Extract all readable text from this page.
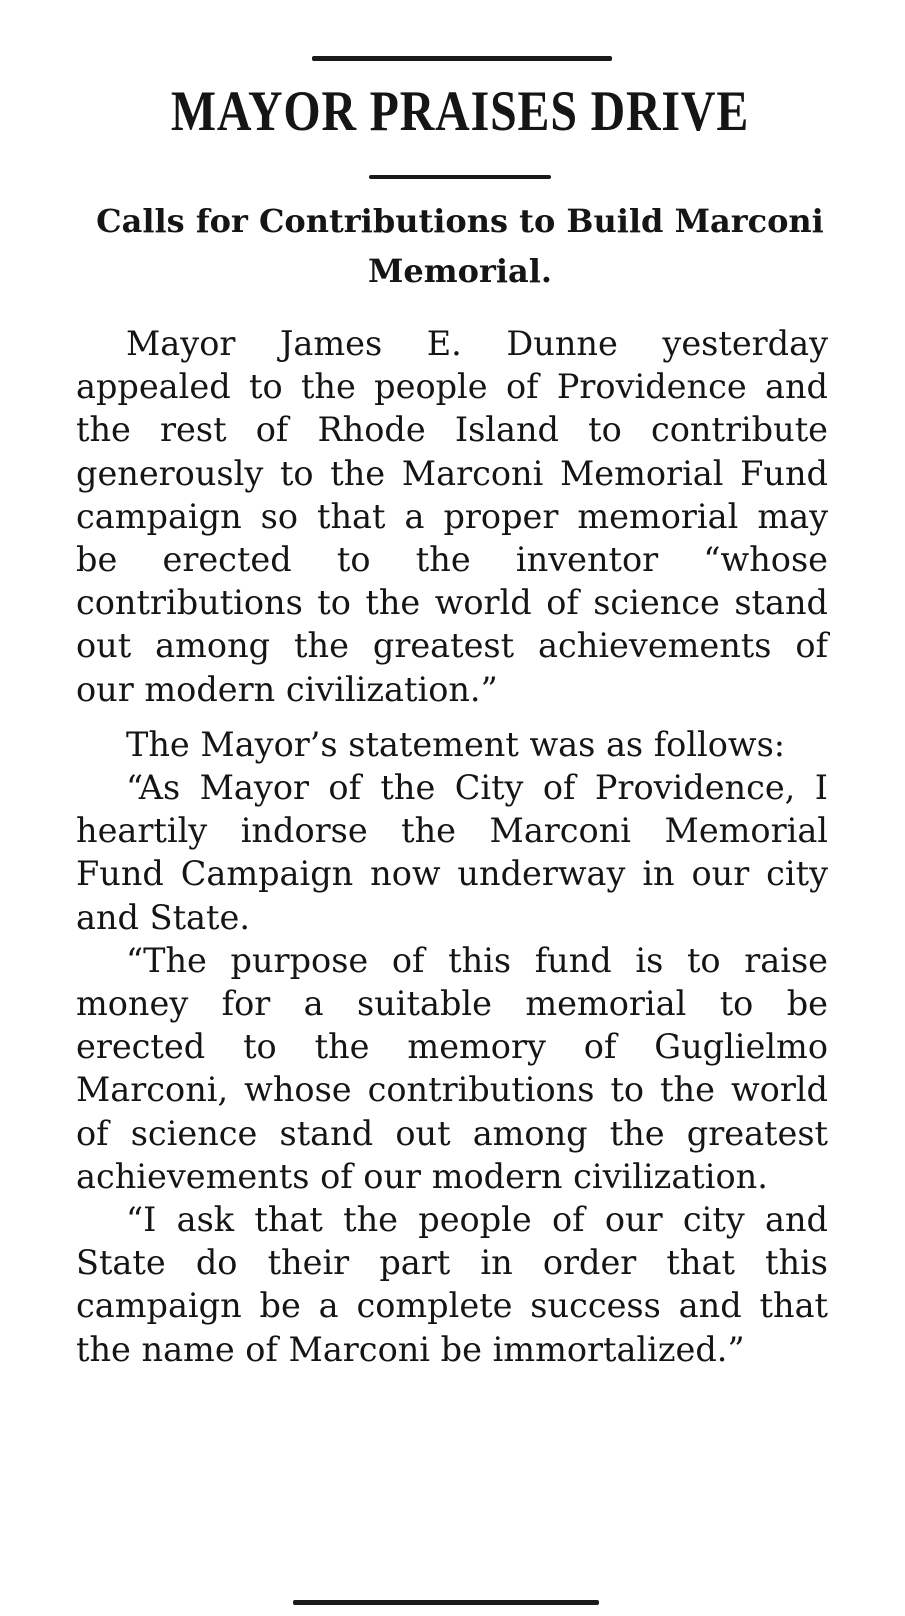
MAYOR PRAISES DRIVE
Calls for Contributions to Build Marconi Memorial.

Mayor James E. Dunne yesterday appealed to the people of Providence and the rest of Rhode Island to contribute generously to the Marconi Memorial Fund campaign so that a proper memorial may be erected to the inventor “whose contributions to the world of science stand out among the greatest achievements of our modern civilization.”

The Mayor’s statement was as follows:

“As Mayor of the City of Providence, I heartily indorse the Marconi Memorial Fund Campaign now underway in our city and State.

“The purpose of this fund is to raise money for a suitable memorial to be erected to the memory of Guglielmo Marconi, whose contributions to the world of science stand out among the greatest achievements of our modern civilization.

“I ask that the people of our city and State do their part in order that this campaign be a complete success and that the name of Marconi be immortalized.”
